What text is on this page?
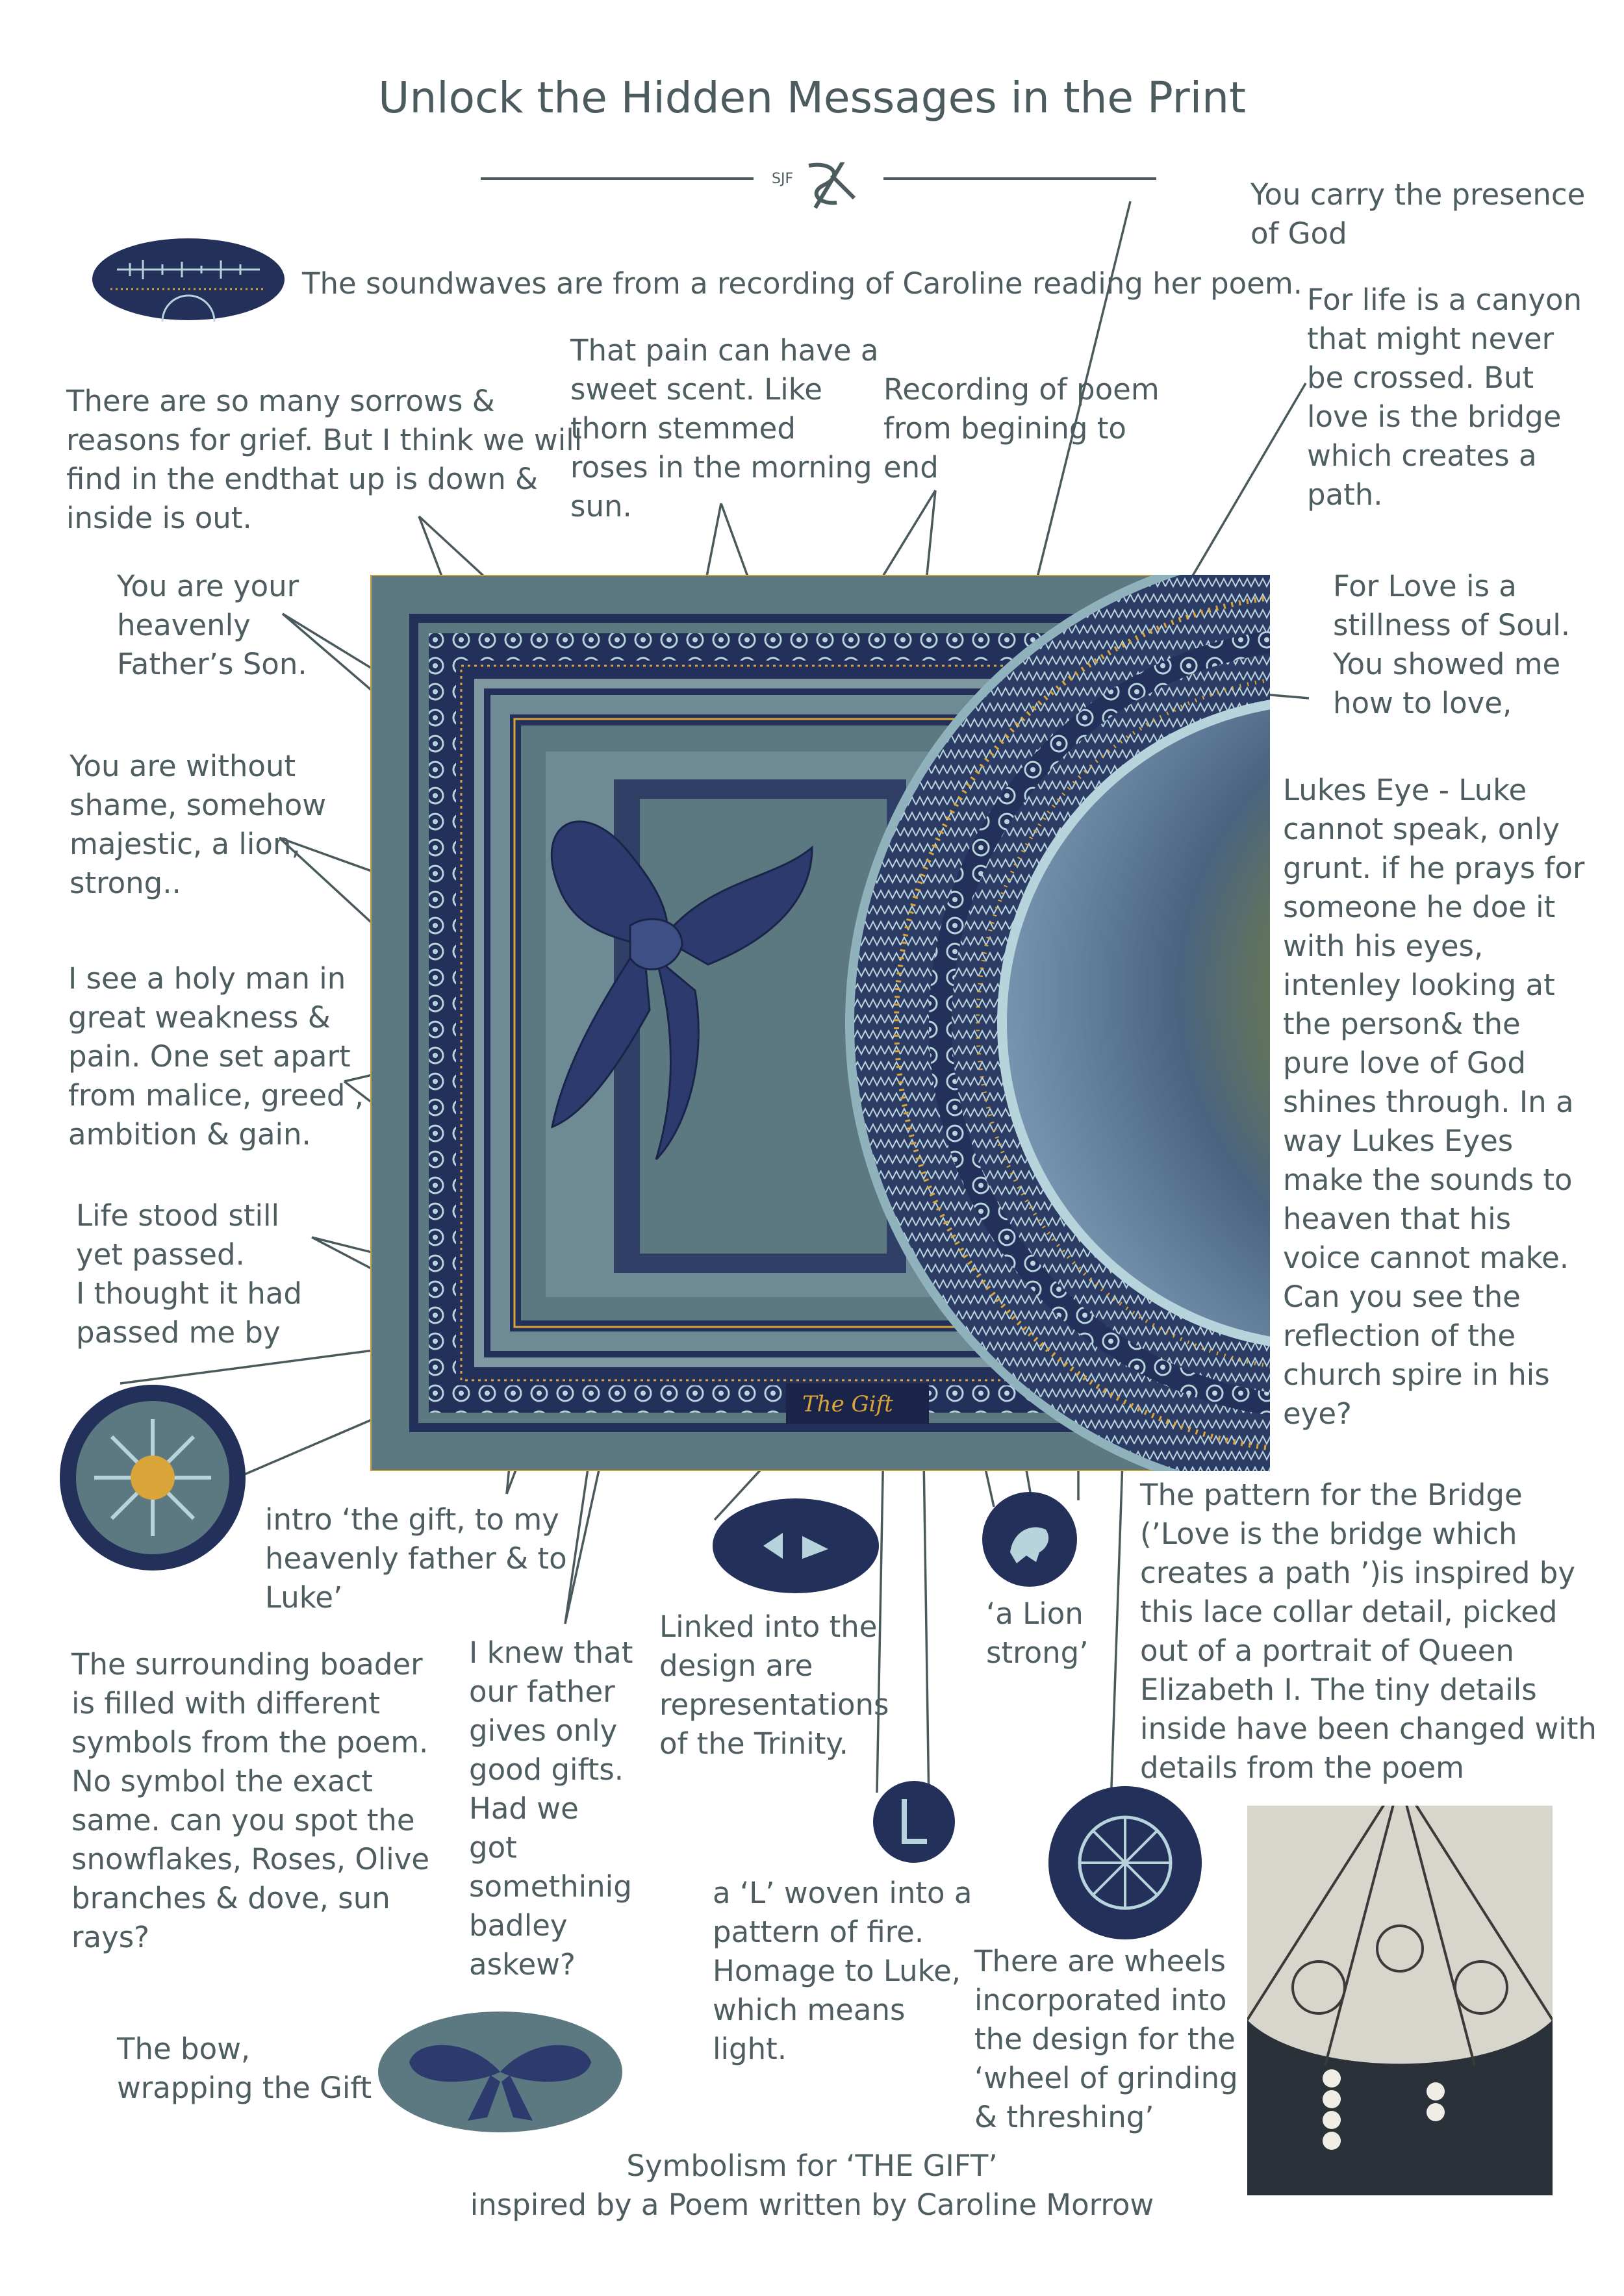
Unlock the Hidden Messages in the Print
SJF
The Gift
The soundwaves are from a recording of Caroline reading her poem.
You carry the presence
of God
For life is a canyon
that might never
be crossed. But
love is the bridge
which creates a
path.
There are so many sorrows &
reasons for grief. But I think we will
find in the endthat up is down &
inside is out.
That pain can have a
sweet scent. Like
thorn stemmed
roses in the morning
sun.
Recording of poem
from begining to
end
You are your
heavenly
Father’s Son.
For Love is a
stillness of Soul.
You showed me
how to love,
You are without
shame, somehow
majestic, a lion,
strong..
Lukes Eye - Luke
cannot speak, only
grunt. if he prays for
someone he doe it
with his eyes,
intenley looking at
the person& the
pure love of God
shines through. In a
way Lukes Eyes
make the sounds to
heaven that his
voice cannot make.
Can you see the
reflection of the
church spire in his
eye?
I see a holy man in
great weakness &
pain. One set apart
from malice, greed ,
ambition & gain.
Life stood still
yet passed.
I thought it had
passed me by
intro ‘the gift, to my
heavenly father & to
Luke’
The pattern for the Bridge
(’Love is the bridge which
creates a path ’)is inspired by
this lace collar detail, picked
out of a portrait of Queen
Elizabeth I. The tiny details
inside have been changed with
details from the poem
‘a Lion
strong’
Linked into the
design are
representations
of the Trinity.
I knew that
our father
gives only
good gifts.
Had we
got
somethinig
badley
askew?
The surrounding boader
is filled with different
symbols from the poem.
No symbol the exact
same. can you spot the
snowflakes, Roses, Olive
branches & dove, sun
rays?
a ‘L’ woven into a
pattern of fire.
Homage to Luke,
which means
light.
There are wheels
incorporated into
the design for the
‘wheel of grinding
& threshing’
The bow,
wrapping the Gift
Symbolism for ‘THE GIFT’
inspired by a Poem written by Caroline Morrow
